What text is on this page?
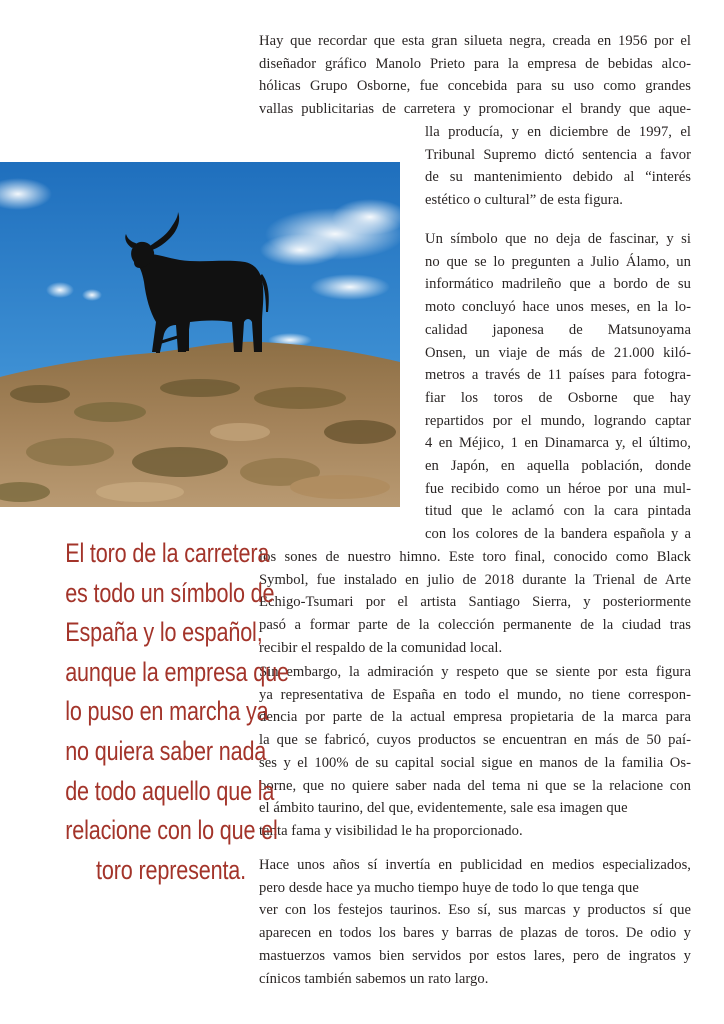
Hay que recordar que esta gran silueta negra, creada en 1956 por el
diseñador gráfico Manolo Prieto para la empresa de bebidas alco-
hólicas Grupo Osborne, fue concebida para su uso como grandes
vallas publicitarias de carretera y promocionar el brandy que aque-
lla producía, y en diciembre de 1997, el
Tribunal Supremo dictó sentencia a favor
de su mantenimiento debido al “interés
estético o cultural” de esta figura.
Un símbolo que no deja de fascinar, y si
no que se lo pregunten a Julio Álamo, un
informático madrileño que a bordo de su
moto concluyó hace unos meses, en la lo-
calidad japonesa de Matsunoyama
Onsen, un viaje de más de 21.000 kiló-
metros a través de 11 países para fotogra-
fiar los toros de Osborne que hay
repartidos por el mundo, logrando captar
4 en Méjico, 1 en Dinamarca y, el último,
en Japón, en aquella población, donde
fue recibido como un héroe por una mul-
titud que le aclamó con la cara pintada
con los colores de la bandera española y a
los sones de nuestro himno. Este toro final, conocido como Black
Symbol, fue instalado en julio de 2018 durante la Trienal de Arte
Echigo-Tsumari por el artista Santiago Sierra, y posteriormente
pasó a formar parte de la colección permanente de la ciudad tras
recibir el respaldo de la comunidad local.
Sin embargo, la admiración y respeto que se siente por esta figura
ya representativa de España en todo el mundo, no tiene correspon-
dencia por parte de la actual empresa propietaria de la marca para
la que se fabricó, cuyos productos se encuentran en más de 50 paí-
ses y el 100% de su capital social sigue en manos de la familia Os-
borne, que no quiere saber nada del tema ni que se la relacione con
el ámbito taurino, del que, evidentemente, sale esa imagen que
tanta fama y visibilidad le ha proporcionado.
Hace unos años sí invertía en publicidad en medios especializados,
pero desde hace ya mucho tiempo huye de todo lo que tenga que
ver con los festejos taurinos. Eso sí, sus marcas y productos sí que
aparecen en todos los bares y barras de plazas de toros. De odio y
mastuerzos vamos bien servidos por estos lares, pero de ingratos y
cínicos también sabemos un rato largo.
El toro de la carretera
es todo un símbolo de
España y lo español,
aunque la empresa que
lo puso en marcha ya
no quiera saber nada
de todo aquello que la
relacione con lo que el
toro representa.
